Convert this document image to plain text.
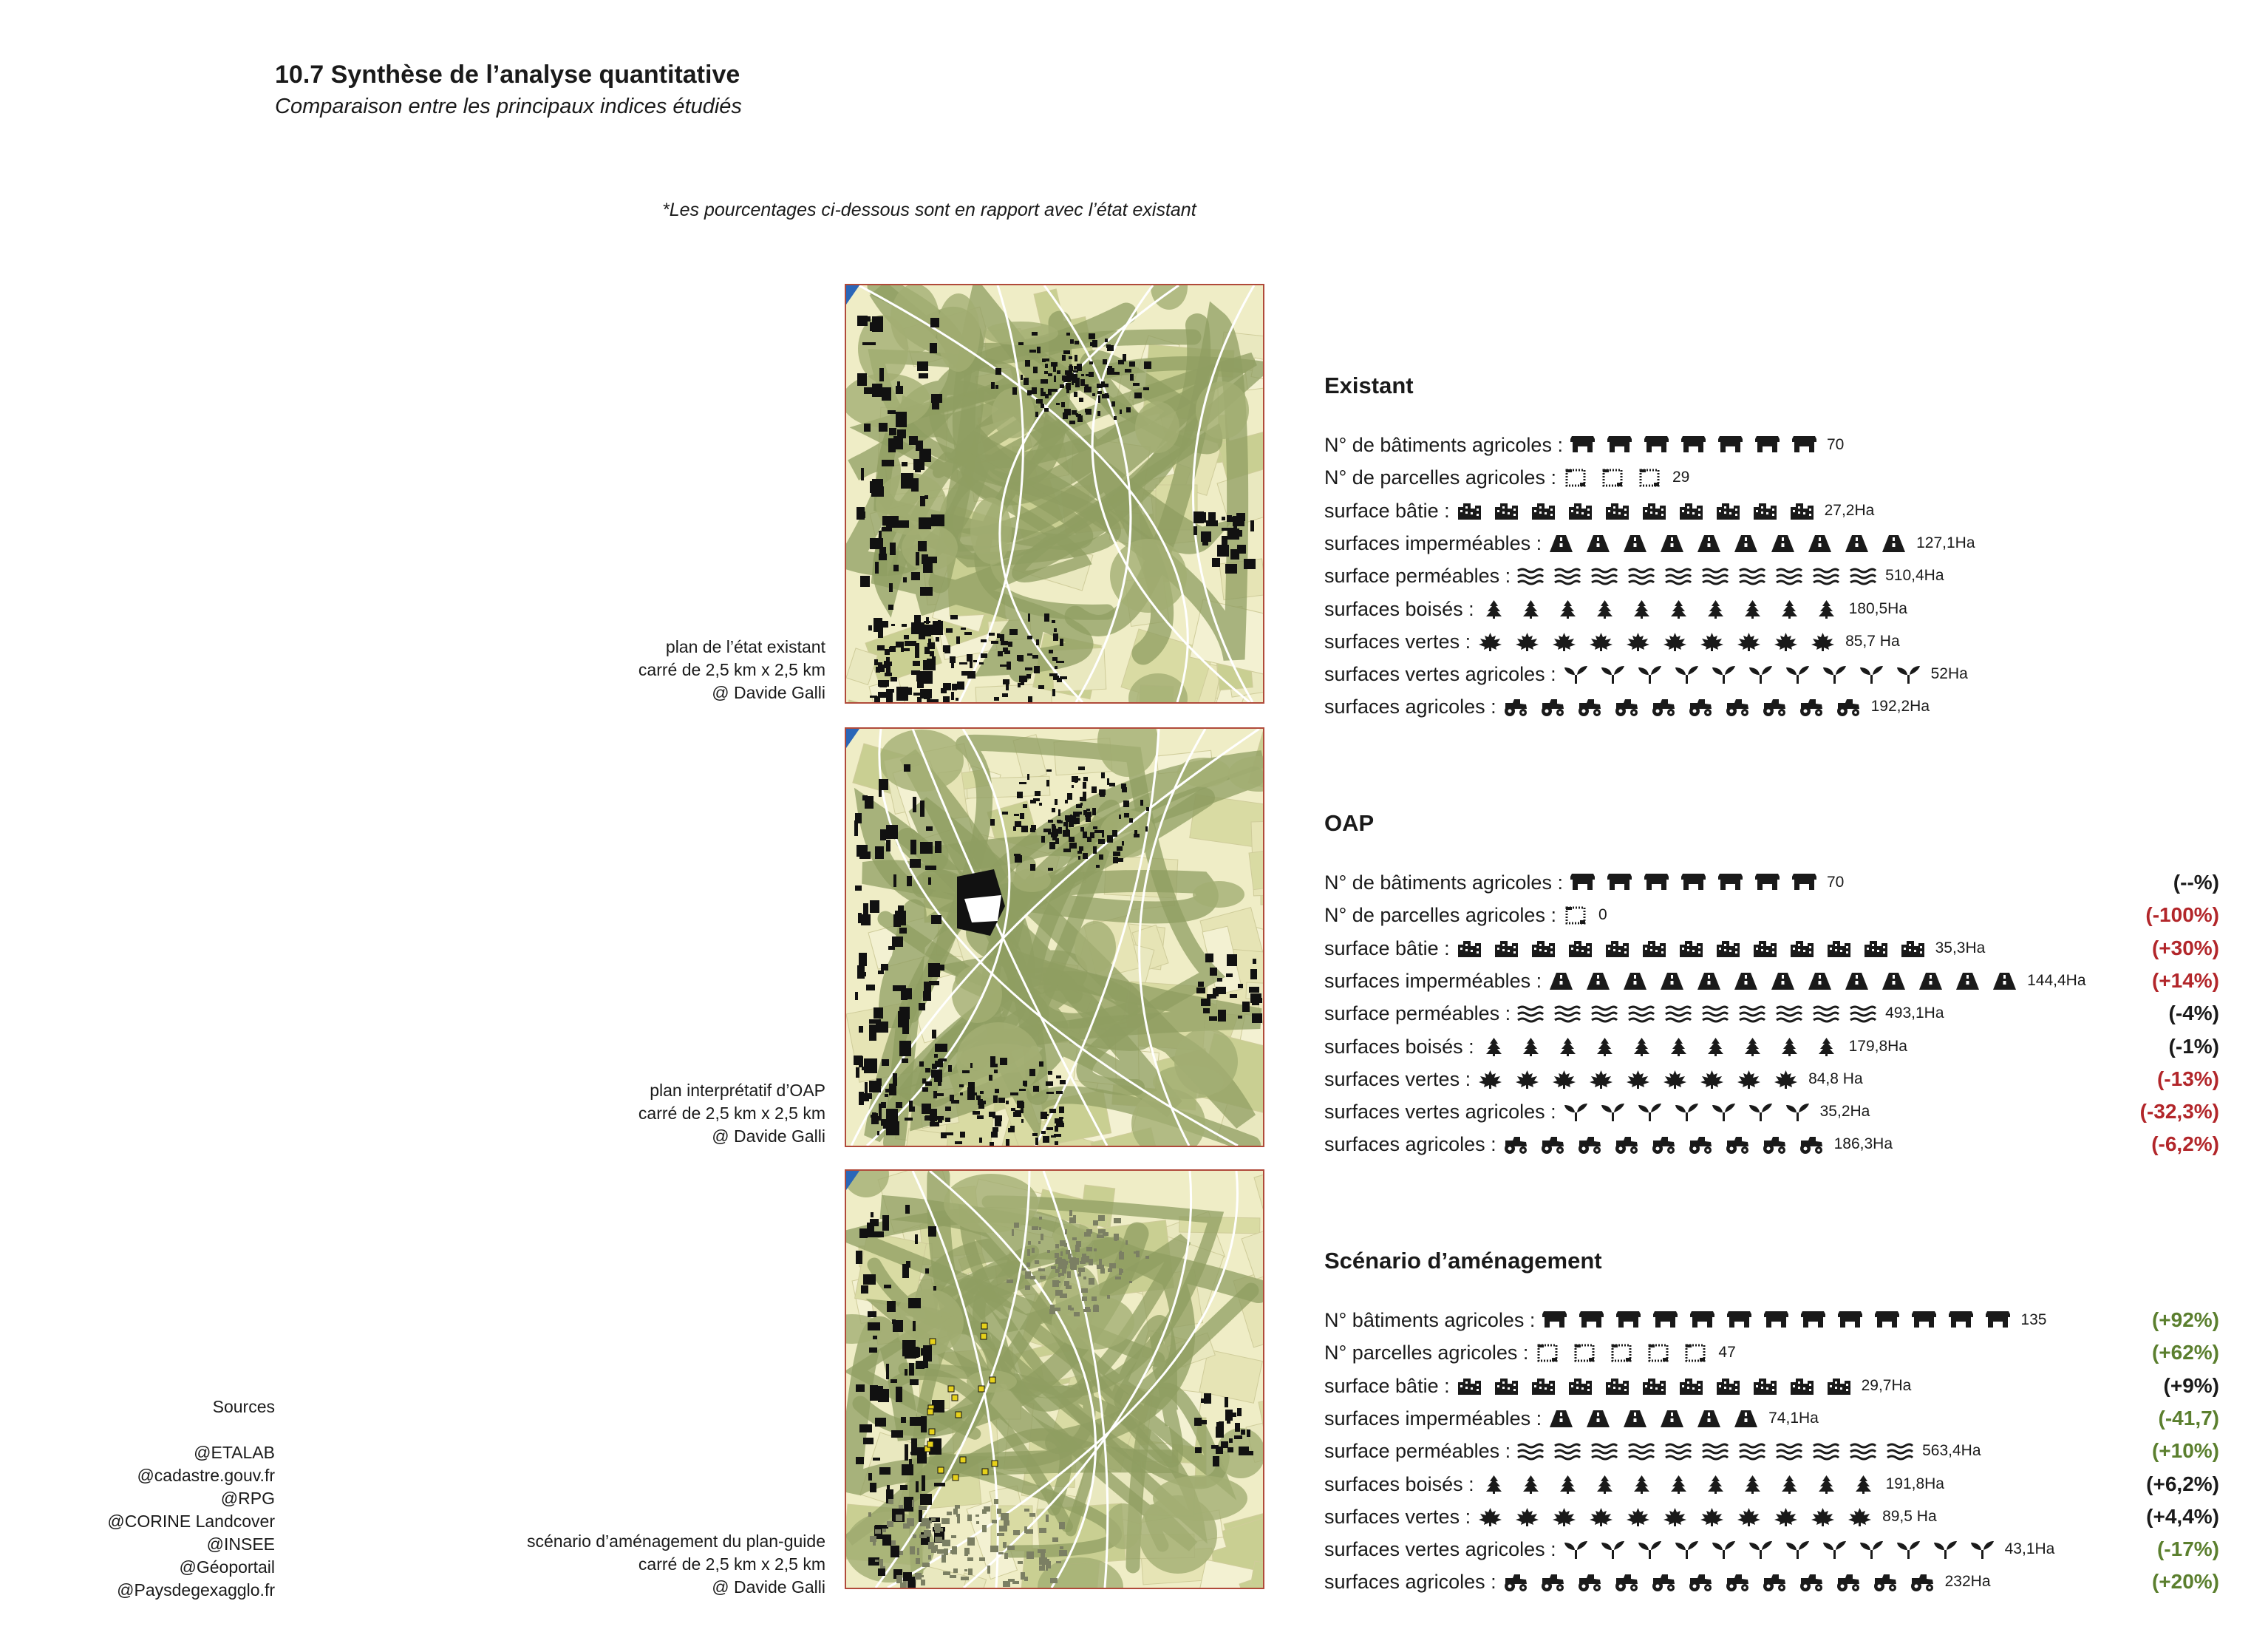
10.7 Synthèse de l’analyse quantitative
Comparaison entre les principaux indices étudiés
*Les pourcentages ci-dessous sont en rapport avec l’état existant
plan de l’état existant
carré de 2,5 km x 2,5 km
@ Davide Galli
plan interprétatif d’OAP
carré de 2,5 km x 2,5 km
@ Davide Galli
scénario d’aménagement du plan-guide
carré de 2,5 km x 2,5 km
@ Davide Galli
Sources
@ETALAB
@cadastre.gouv.fr
@RPG
@CORINE Landcover
@INSEE
@Géoportail
@Paysdegexagglo.fr
Existant
OAP
Scénario d’aménagement
N° de bâtiments agricoles :	70
N° de parcelles agricoles :	29
surface bâtie :	27,2Ha
surfaces imperméables :	127,1Ha
surface perméables :	510,4Ha
surfaces boisés :	180,5Ha
surfaces vertes :	85,7 Ha
surfaces vertes agricoles :	52Ha
surfaces agricoles :	192,2Ha
N° de bâtiments agricoles :	70	(--%)
N° de parcelles agricoles :	0	(-100%)
surface bâtie :	35,3Ha	(+30%)
surfaces imperméables :	144,4Ha	(+14%)
surface perméables :	493,1Ha	(-4%)
surfaces boisés :	179,8Ha	(-1%)
surfaces vertes :	84,8 Ha	(-13%)
surfaces vertes agricoles :	35,2Ha	(-32,3%)
surfaces agricoles :	186,3Ha	(-6,2%)
N° bâtiments agricoles :	135	(+92%)
N° parcelles agricoles :	47	(+62%)
surface bâtie :	29,7Ha	(+9%)
surfaces imperméables :	74,1Ha	(-41,7)
surface perméables :	563,4Ha	(+10%)
surfaces boisés :	191,8Ha	(+6,2%)
surfaces vertes :	89,5 Ha	(+4,4%)
surfaces vertes agricoles :	43,1Ha	(-17%)
surfaces agricoles :	232Ha	(+20%)
